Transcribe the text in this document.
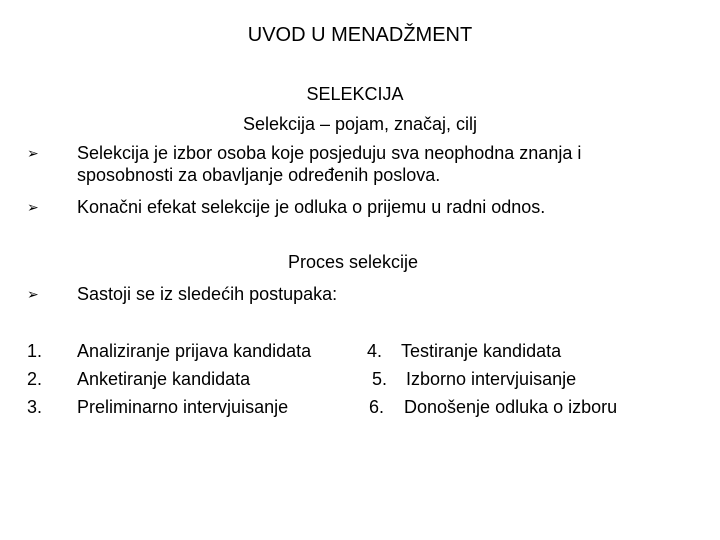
UVOD U MENADŽMENT
SELEKCIJA
Selekcija – pojam, značaj, cilj
➢ Selekcija je izbor osoba koje posjeduju sva neophodna znanja i
sposobnosti za obavljanje određenih poslova.
➢ Konačni efekat selekcije je odluka o prijemu u radni odnos.
Proces selekcije
➢ Sastoji se iz sledećih postupaka:
1. Analiziranje prijava kandidata
2. Anketiranje kandidata
3. Preliminarno intervjuisanje
4. Testiranje kandidata
5. Izborno intervjuisanje
6. Donošenje odluka o izboru
